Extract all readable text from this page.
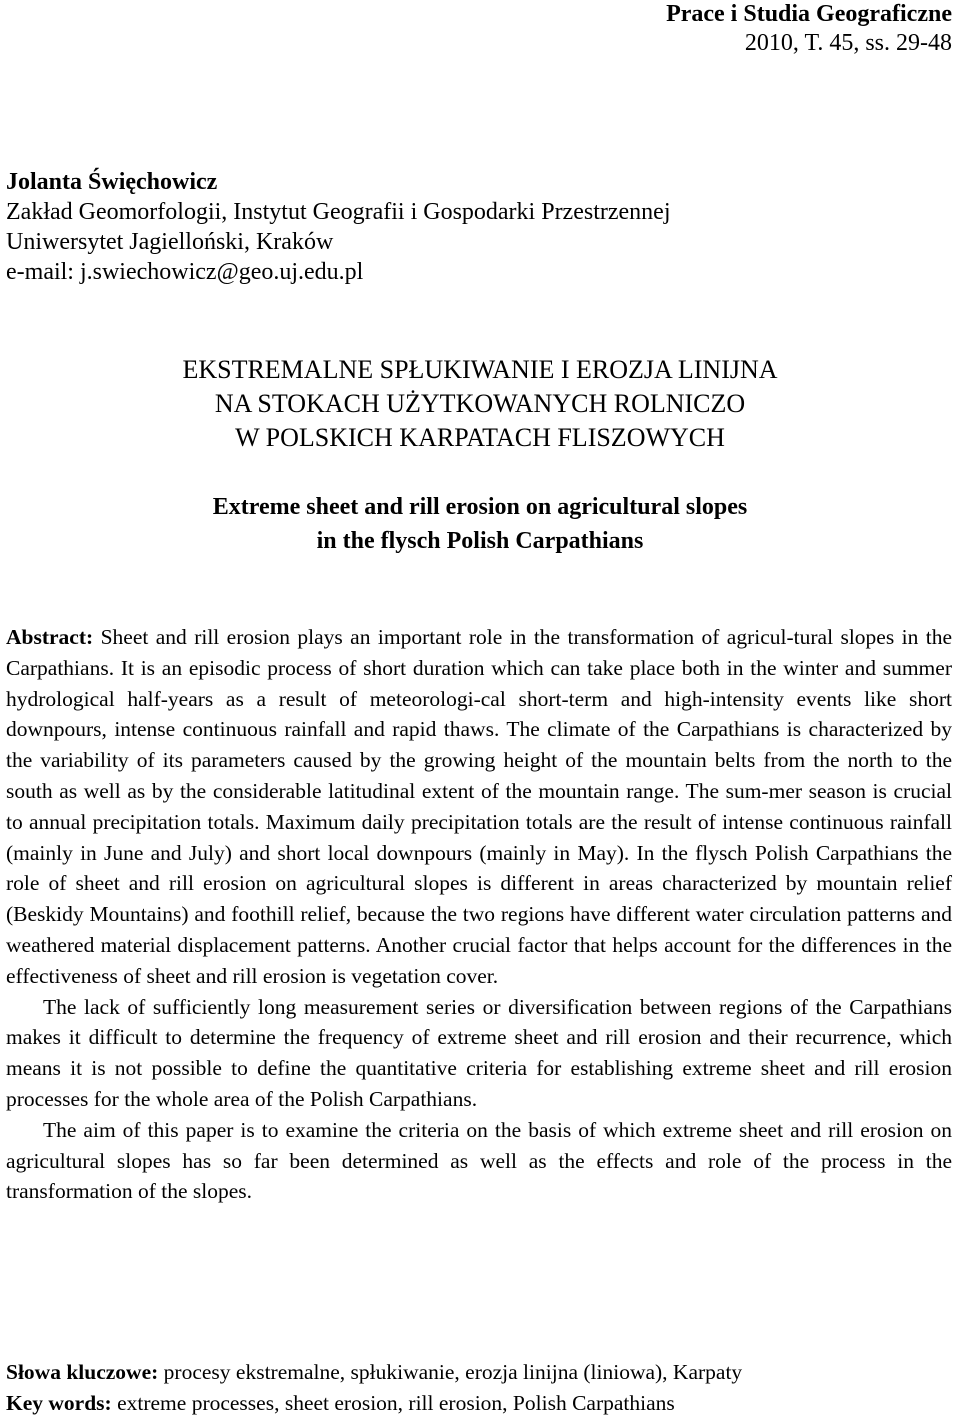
Prace i Studia Geograficzne
2010, T. 45, ss. 29-48
Jolanta Święchowicz
Zakład Geomorfologii, Instytut Geografii i Gospodarki Przestrzennej
Uniwersytet Jagielloński, Kraków
e-mail: j.swiechowicz@geo.uj.edu.pl
EKSTREMALNE SPŁUKIWANIE I EROZJA LINIJNA
NA STOKACH UŻYTKOWANYCH ROLNICZO
W POLSKICH KARPATACH FLISZOWYCH
Extreme sheet and rill erosion on agricultural slopes
in the flysch Polish Carpathians

Abstract: Sheet and rill erosion plays an important role in the transformation of agricul-tural slopes in the Carpathians. It is an episodic process of short duration which can take place both in the winter and summer hydrological half-years as a result of meteorologi-cal short-term and high-intensity events like short downpours, intense continuous rainfall and rapid thaws. The climate of the Carpathians is characterized by the variability of its parameters caused by the growing height of the mountain belts from the north to the south as well as by the considerable latitudinal extent of the mountain range. The sum-mer season is crucial to annual precipitation totals. Maximum daily precipitation totals are the result of intense continuous rainfall (mainly in June and July) and short local downpours (mainly in May). In the flysch Polish Carpathians the role of sheet and rill erosion on agricultural slopes is different in areas characterized by mountain relief (Beskidy Mountains) and foothill relief, because the two regions have different water circulation patterns and weathered material displacement patterns. Another crucial factor that helps account for the differences in the effectiveness of sheet and rill erosion is vegetation cover.

The lack of sufficiently long measurement series or diversification between regions of the Carpathians makes it difficult to determine the frequency of extreme sheet and rill erosion and their recurrence, which means it is not possible to define the quantitative criteria for establishing extreme sheet and rill erosion processes for the whole area of the Polish Carpathians.

The aim of this paper is to examine the criteria on the basis of which extreme sheet and rill erosion on agricultural slopes has so far been determined as well as the effects and role of the process in the transformation of the slopes.

Słowa kluczowe: procesy ekstremalne, spłukiwanie, erozja linijna (liniowa), Karpaty
Key words: extreme processes, sheet erosion, rill erosion, Polish Carpathians
